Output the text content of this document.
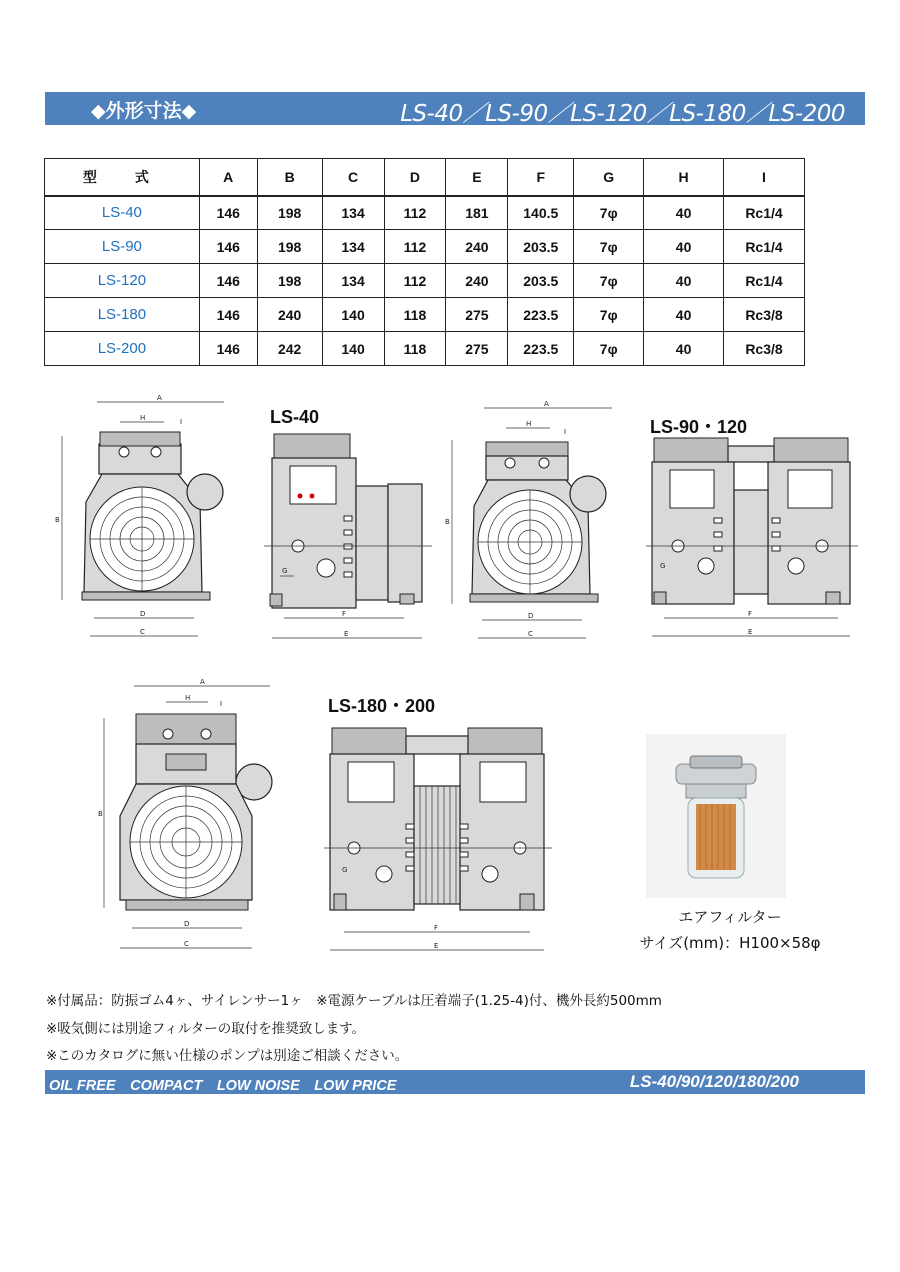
◆外形寸法◆	LS-40／LS-90／LS-120／LS-180／LS-200
型　式	A	B	C	D	E	F	G	H	I
LS-40	146	198	134	112	181	140.5	7φ	40	Rc1/4
LS-90	146	198	134	112	240	203.5	7φ	40	Rc1/4
LS-120	146	198	134	112	240	203.5	7φ	40	Rc1/4
LS-180	146	240	140	118	275	223.5	7φ	40	Rc3/8
LS-200	146	242	140	118	275	223.5	7φ	40	Rc3/8
LS-40	LS-90・120
LS-180・200
A
H	I
B
D
C
G
F
E
A
H
I
B
D
C
G
F
E
A
H
I
B
D
C
G
F
E
エアフィルター
サイズ(mm)：H100×58φ
※付属品：防振ゴム4ヶ、サイレンサー1ヶ　※電源ケーブルは圧着端子(1.25-4)付、機外長約500mm
※吸気側には別途フィルターの取付を推奨致します。
※このカタログに無い仕様のポンプは別途ご相談ください。
OIL FREE　COMPACT　LOW NOISE　LOW PRICE	LS-40/90/120/180/200
